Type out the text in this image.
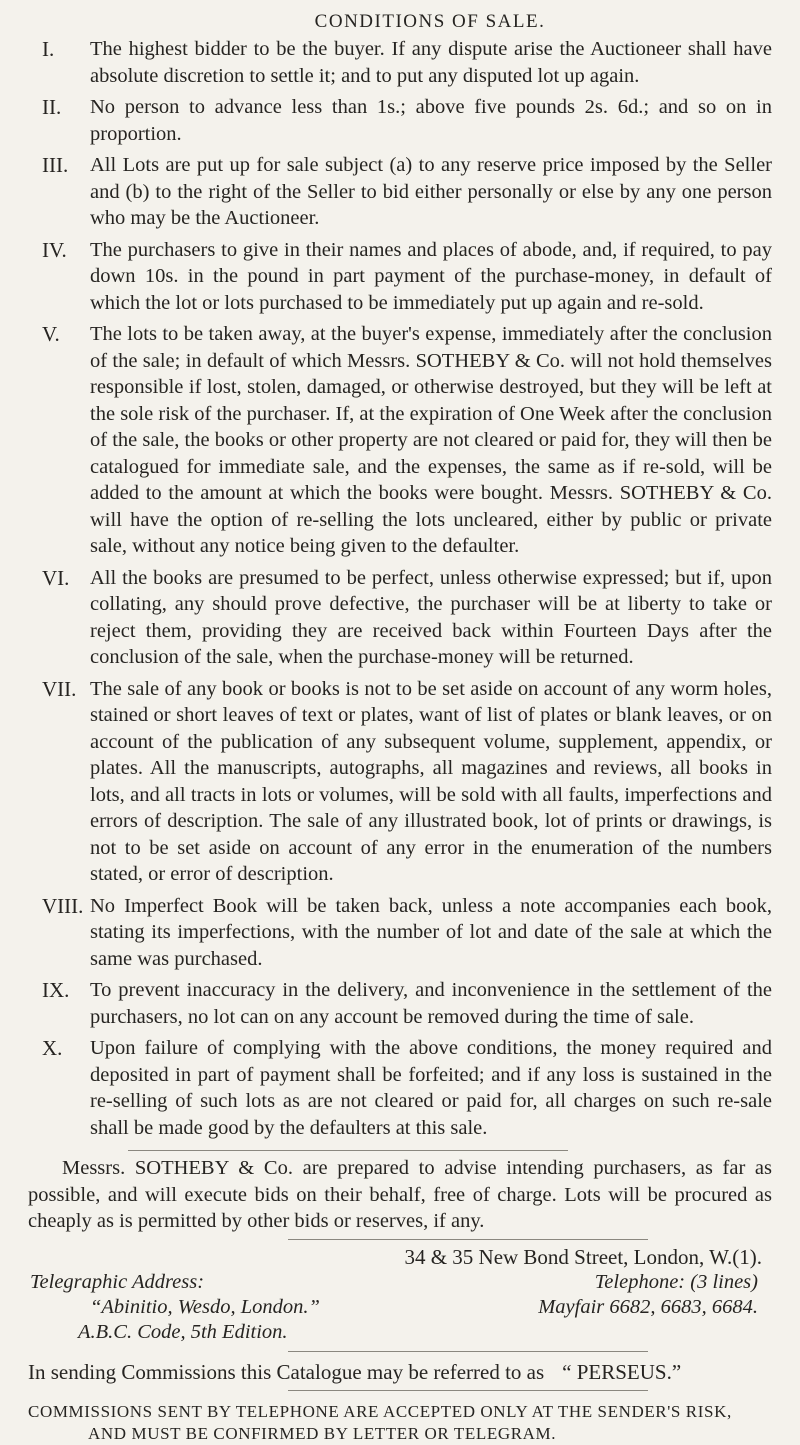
CONDITIONS OF SALE.
I.	The highest bidder to be the buyer. If any dispute arise the Auctioneer shall have absolute discretion to settle it; and to put any disputed lot up again.

II.	No person to advance less than 1s.; above five pounds 2s. 6d.; and so on in proportion.

III.	All Lots are put up for sale subject (a) to any reserve price imposed by the Seller and (b) to the right of the Seller to bid either personally or else by any one person who may be the Auctioneer.

IV.	The purchasers to give in their names and places of abode, and, if required, to pay down 10s. in the pound in part payment of the purchase-money, in default of which the lot or lots purchased to be immediately put up again and re-sold.

V.	The lots to be taken away, at the buyer's expense, immediately after the conclusion of the sale; in default of which Messrs. SOTHEBY & Co. will not hold themselves responsible if lost, stolen, damaged, or otherwise destroyed, but they will be left at the sole risk of the purchaser. If, at the expiration of One Week after the conclusion of the sale, the books or other property are not cleared or paid for, they will then be catalogued for immediate sale, and the expenses, the same as if re-sold, will be added to the amount at which the books were bought. Messrs. SOTHEBY & Co. will have the option of re-selling the lots uncleared, either by public or private sale, without any notice being given to the defaulter.

VI.	All the books are presumed to be perfect, unless otherwise expressed; but if, upon collating, any should prove defective, the purchaser will be at liberty to take or reject them, providing they are received back within Fourteen Days after the conclusion of the sale, when the purchase-money will be returned.

VII. The sale of any book or books is not to be set aside on account of any worm holes, stained or short leaves of text or plates, want of list of plates or blank leaves, or on account of the publication of any subsequent volume, supplement, appendix, or plates. All the manuscripts, autographs, all magazines and reviews, all books in lots, and all tracts in lots or volumes, will be sold with all faults, imperfections and errors of description. The sale of any illustrated book, lot of prints or drawings, is not to be set aside on account of any error in the enumeration of the numbers stated, or error of description.

VIII. No Imperfect Book will be taken back, unless a note accompanies each book, stating its imperfections, with the number of lot and date of the sale at which the same was purchased.

IX.	To prevent inaccuracy in the delivery, and inconvenience in the settlement of the purchasers, no lot can on any account be removed during the time of sale.

X.	Upon failure of complying with the above conditions, the money required and deposited in part of payment shall be forfeited; and if any loss is sustained in the re-selling of such lots as are not cleared or paid for, all charges on such re-sale shall be made good by the defaulters at this sale.

Messrs. SOTHEBY & Co. are prepared to advise intending purchasers, as far as possible, and will execute bids on their behalf, free of charge. Lots will be procured as cheaply as is permitted by other bids or reserves, if any.

34 & 35 New Bond Street, London, W.(1).
Telegraphic Address:	Telephone: (3 lines)
“Abinitio, Wesdo, London.”	Mayfair 6682, 6683, 6684.
A.B.C. Code, 5th Edition.
In sending Commissions this Catalogue may be referred to as “ PERSEUS.”
COMMISSIONS SENT BY TELEPHONE ARE ACCEPTED ONLY AT THE SENDER'S RISK,
AND MUST BE CONFIRMED BY LETTER OR TELEGRAM.
